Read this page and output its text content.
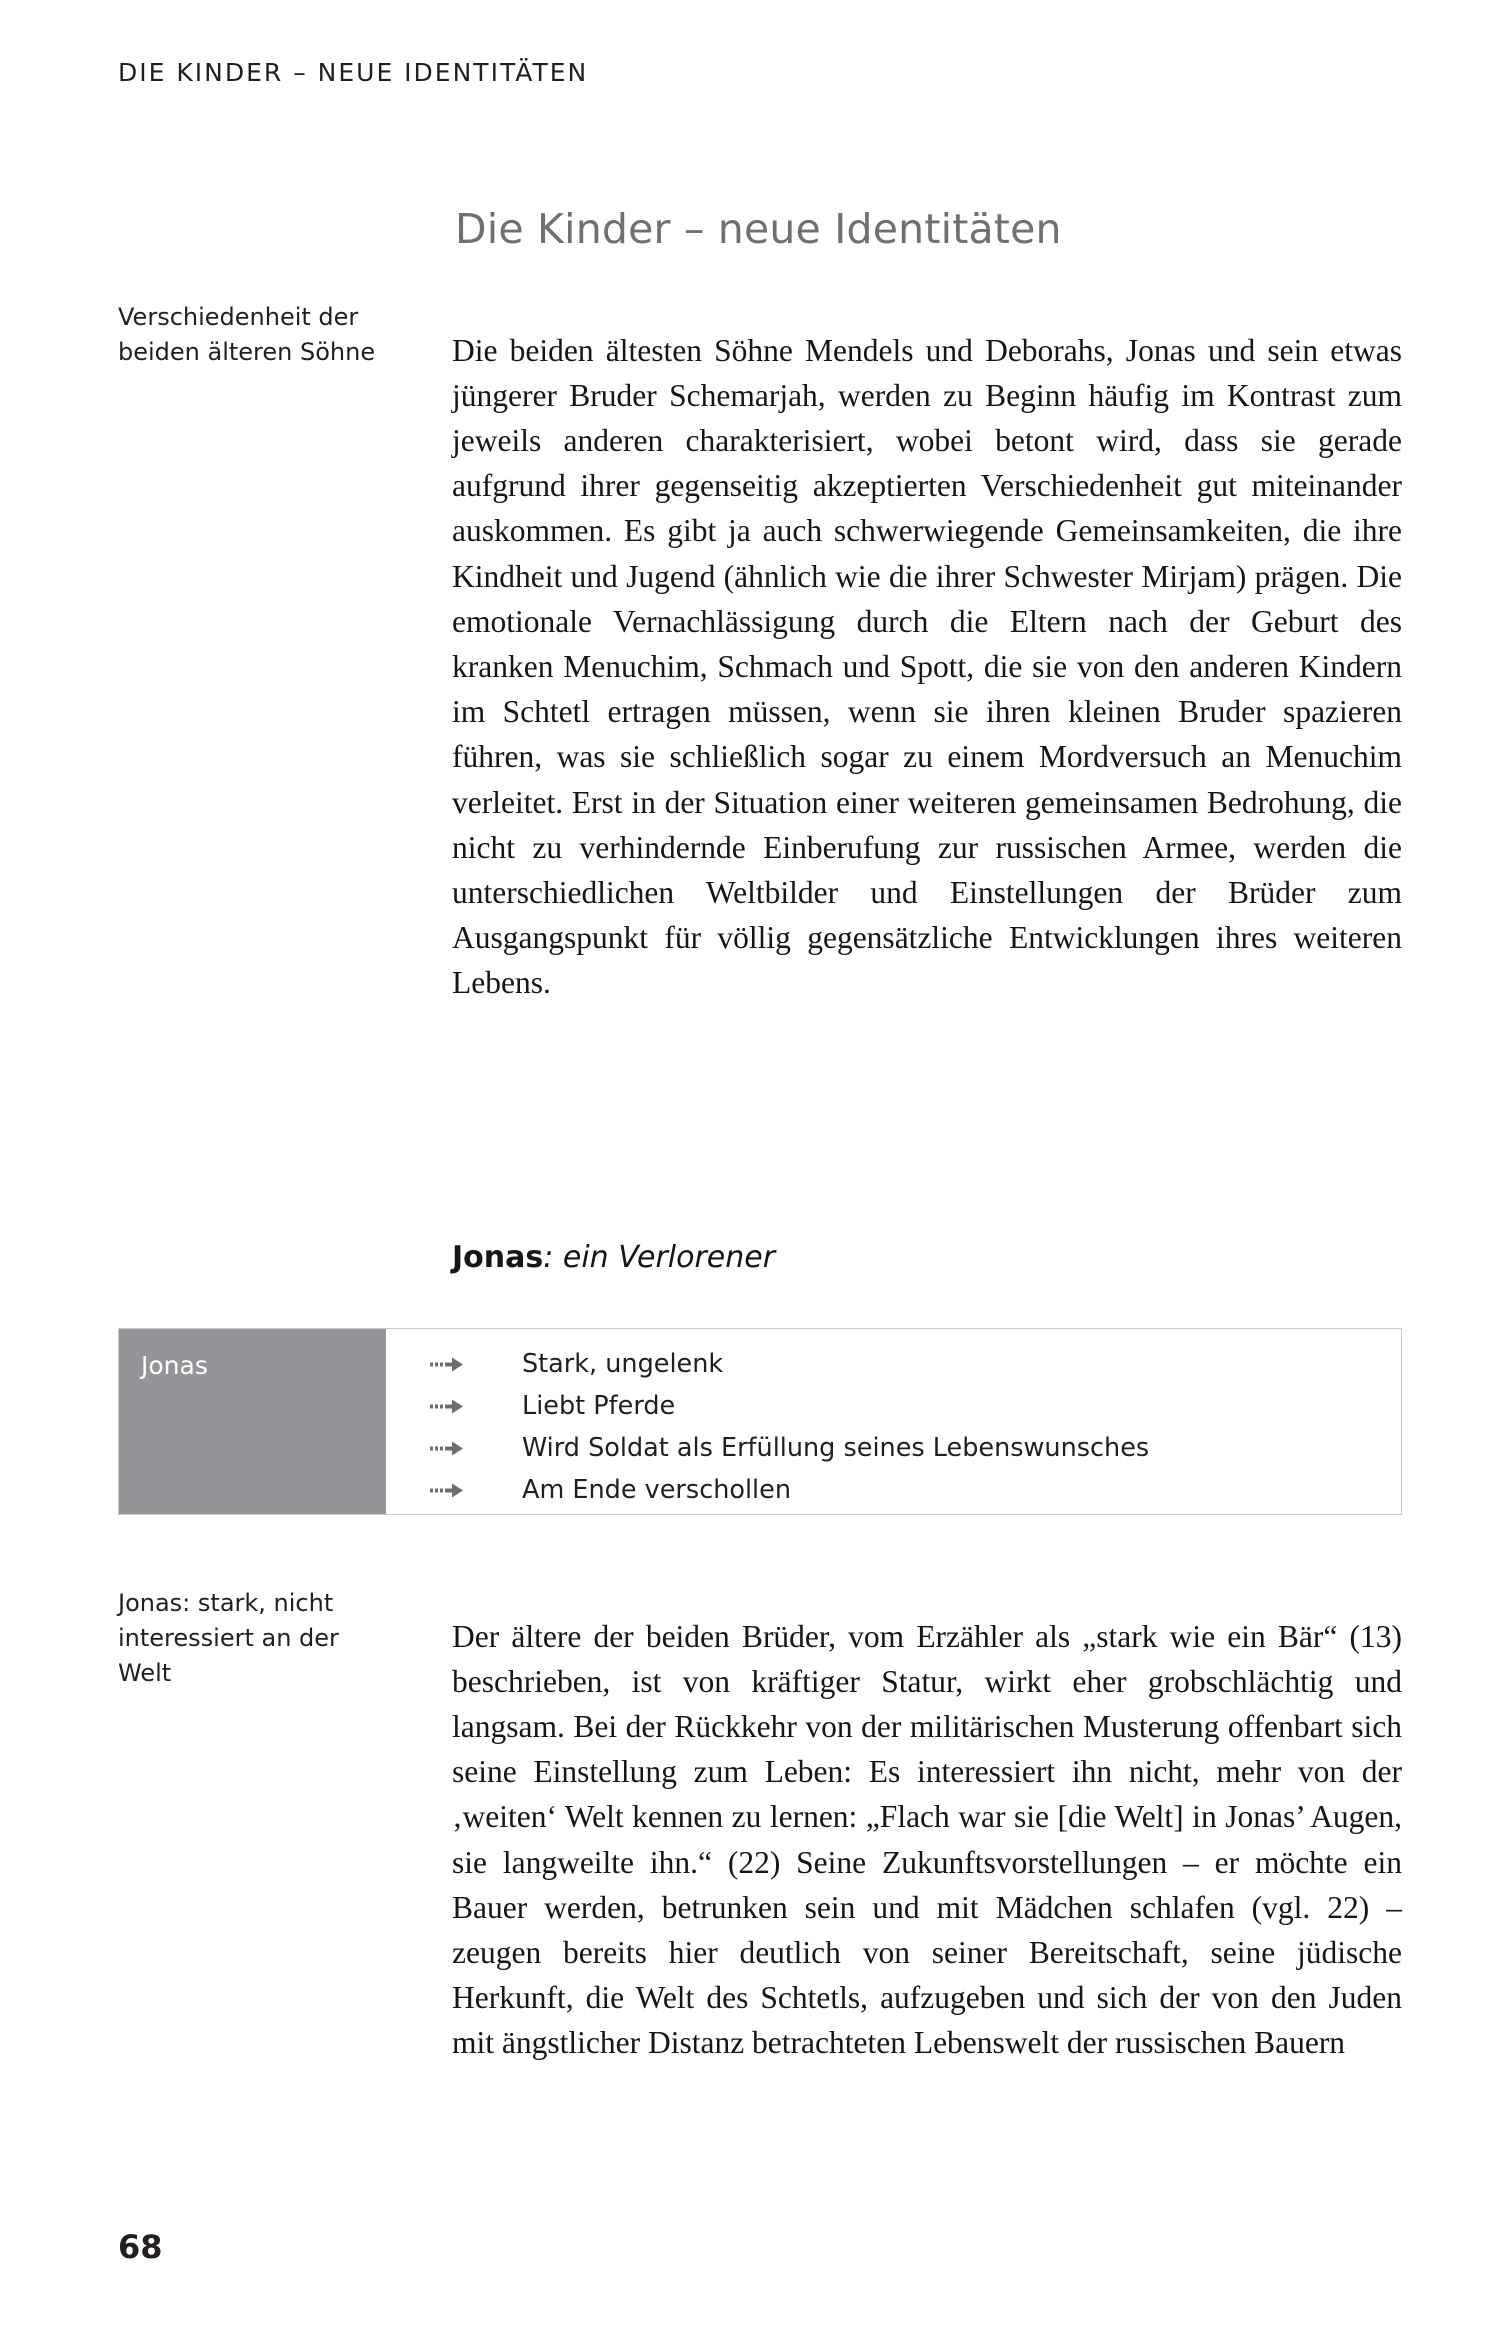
DIE KINDER – NEUE IDENTITÄTEN
Die Kinder – neue Identitäten
Verschiedenheit der beiden älteren Söhne Die beiden ältesten Söhne Mendels und Deborahs, Jonas und sein etwas jüngerer Bruder Schemarjah, werden zu Beginn häufig im Kontrast zum jeweils anderen charakterisiert, wobei betont wird, dass sie gerade aufgrund ihrer gegenseitig akzeptierten Verschiedenheit gut miteinander auskommen. Es gibt ja auch schwerwiegende Gemeinsamkeiten, die ihre Kindheit und Jugend (ähnlich wie die ihrer Schwester Mirjam) prägen. Die emotionale Vernachlässigung durch die Eltern nach der Geburt des kranken Menuchim, Schmach und Spott, die sie von den anderen Kindern im Schtetl ertragen müssen, wenn sie ihren kleinen Bruder spazieren führen, was sie schließlich sogar zu einem Mordversuch an Menuchim verleitet. Erst in der Situation einer weiteren gemeinsamen Bedrohung, die nicht zu verhindernde Einberufung zur russischen Armee, werden die unterschiedlichen Weltbilder und Einstellungen der Brüder zum Ausgangspunkt für völlig gegensätzliche Entwicklungen ihres weiteren Lebens.

Jonas: ein Verlorener
Jonas	Stark, ungelenk
Liebt Pferde
Wird Soldat als Erfüllung seines Lebenswunsches
Am Ende verschollen
Jonas: stark, nicht interessiert an der Welt

Der ältere der beiden Brüder, vom Erzähler als „stark wie ein Bär“ (13) beschrieben, ist von kräftiger Statur, wirkt eher grobschlächtig und langsam. Bei der Rückkehr von der militärischen Musterung offenbart sich seine Einstellung zum Leben: Es interessiert ihn nicht, mehr von der ‚weiten‘ Welt kennen zu lernen: „Flach war sie [die Welt] in Jonas’ Augen, sie langweilte ihn.“ (22) Seine Zukunftsvorstellungen – er möchte ein Bauer werden, betrunken sein und mit Mädchen schlafen (vgl. 22) – zeugen bereits hier deutlich von seiner Bereitschaft, seine jüdische Herkunft, die Welt des Schtetls, aufzugeben und sich der von den Juden mit ängstlicher Distanz betrachteten Lebenswelt der russischen Bauern

68
